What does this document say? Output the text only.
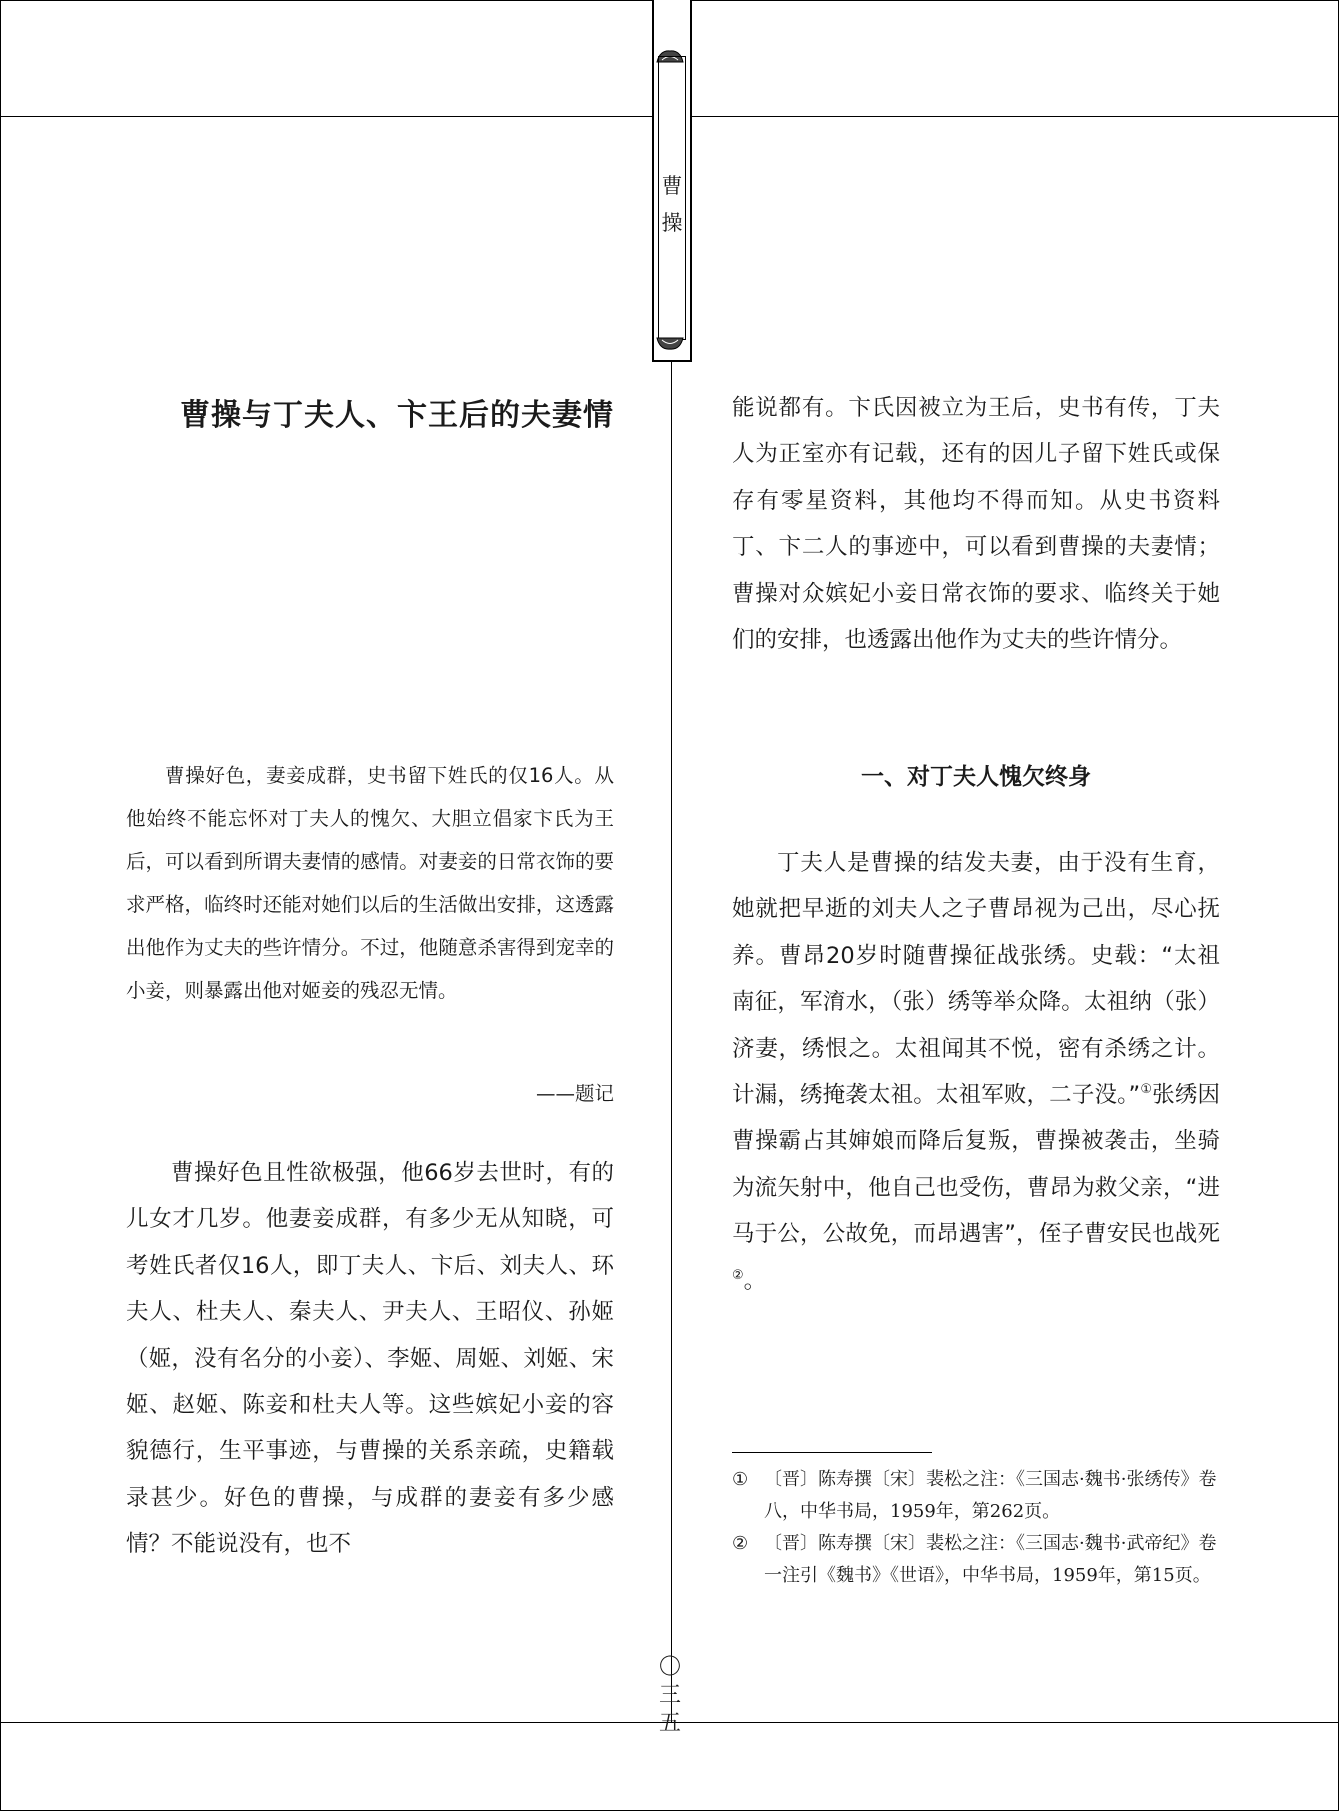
曹
操
曹操与丁夫人、卞王后的夫妻情

曹操好色，妻妾成群，史书留下姓氏的仅16人。从他始终不能忘怀对丁夫人的愧欠、大胆立倡家卞氏为王后，可以看到所谓夫妻情的感情。对妻妾的日常衣饰的要求严格，临终时还能对她们以后的生活做出安排，这透露出他作为丈夫的些许情分。不过，他随意杀害得到宠幸的小妾，则暴露出他对姬妾的残忍无情。

——题记

曹操好色且性欲极强，他66岁去世时，有的儿女才几岁。他妻妾成群，有多少无从知晓，可考姓氏者仅16人，即丁夫人、卞后、刘夫人、环夫人、杜夫人、秦夫人、尹夫人、王昭仪、孙姬（姬，没有名分的小妾）、李姬、周姬、刘姬、宋姬、赵姬、陈妾和杜夫人等。这些嫔妃小妾的容貌德行，生平事迹，与曹操的关系亲疏，史籍载录甚少。好色的曹操，与成群的妻妾有多少感情？不能说没有，也不

能说都有。卞氏因被立为王后，史书有传，丁夫人为正室亦有记载，还有的因儿子留下姓氏或保存有零星资料，其他均不得而知。从史书资料丁、卞二人的事迹中，可以看到曹操的夫妻情；曹操对众嫔妃小妾日常衣饰的要求、临终关于她们的安排，也透露出他作为丈夫的些许情分。

一、对丁夫人愧欠终身

丁夫人是曹操的结发夫妻，由于没有生育，她就把早逝的刘夫人之子曹昂视为己出，尽心抚养。曹昂20岁时随曹操征战张绣。史载：“太祖南征，军淯水，（张）绣等举众降。太祖纳（张）济妻，绣恨之。太祖闻其不悦，密有杀绣之计。计漏，绣掩袭太祖。太祖军败，二子没。”①张绣因曹操霸占其婶娘而降后复叛，曹操被袭击，坐骑为流矢射中，他自己也受伤，曹昂为救父亲，“进马于公，公故免，而昂遇害”，侄子曹安民也战死②。

① 〔晋〕陈寿撰〔宋〕裴松之注：《三国志·魏书·张绣传》卷八，中华书局，1959年，第262页。
② 〔晋〕陈寿撰〔宋〕裴松之注：《三国志·魏书·武帝纪》卷一注引《魏书》《世语》，中华书局，1959年，第15页。
〇
三
五
